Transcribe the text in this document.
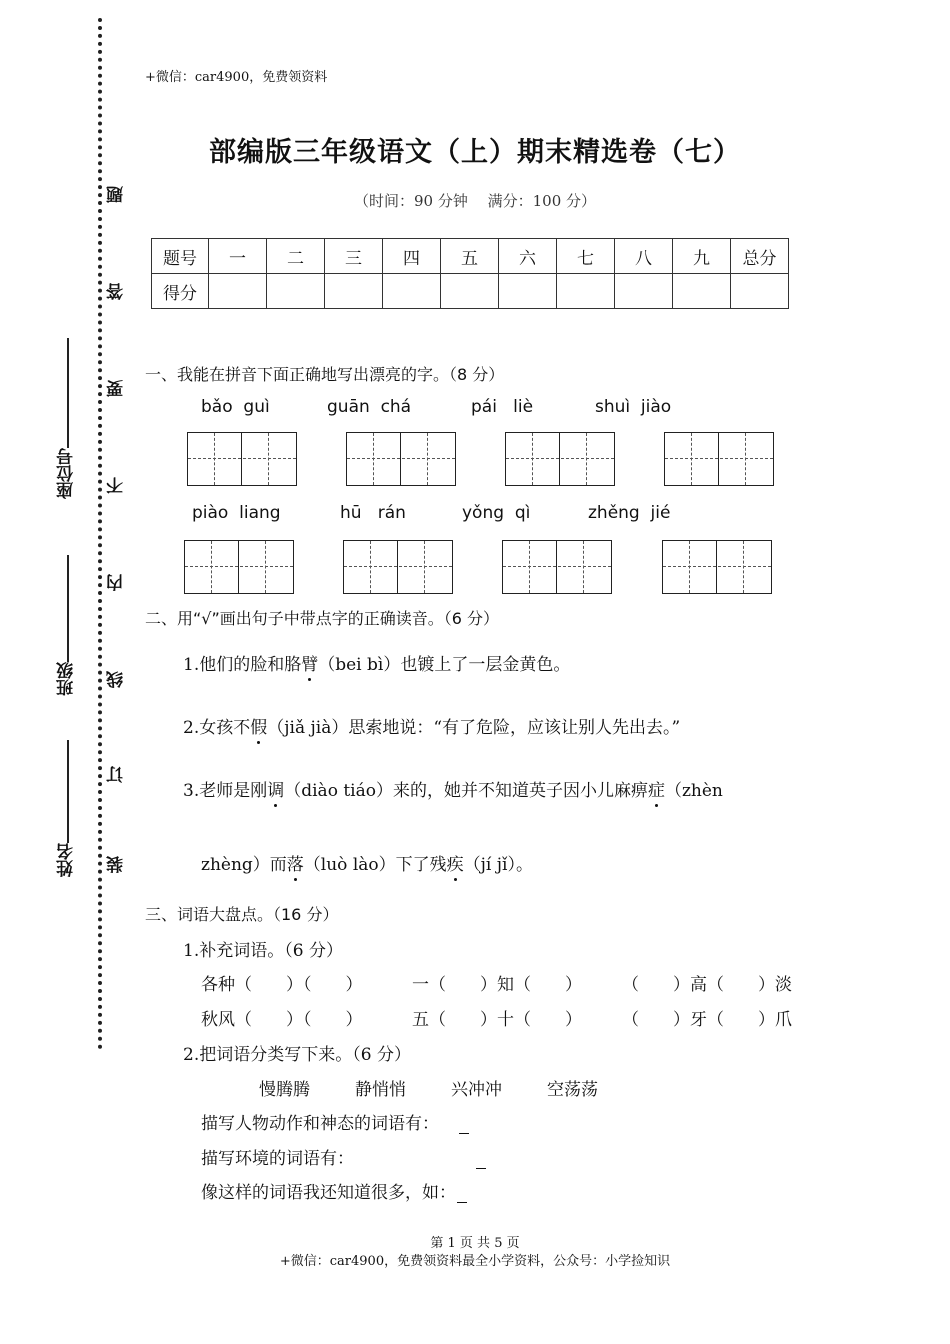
座位号
班级
姓名
题
答
要
不
内
线
订
装
+微信：car4900，免费领资料
部编版三年级语文（上）期末精选卷（七）
（时间：90 分钟　 满分：100 分）
题号	一	二	三	四	五	六	七	八	九	总分
得分										
一、我能在拼音下面正确地写出漂亮的字。（8 分）
bǎo  guì	guān  chá	pái   liè	shuì  jiào
piào  liang	hū   rán	yǒng  qì	zhěng  jié
二、用“√”画出句子中带点字的正确读音。（6 分）
1.他们的脸和胳臂（bei bì）也镀上了一层金黄色。
2.女孩不假（jiǎ jià）思索地说：“有了危险，应该让别人先出去。”
3.老师是刚调（diào tiáo）来的，她并不知道英子因小儿麻痹症（zhèn
zhèng）而落（luò lào）下了残疾（jí jǐ）。
三、词语大盘点。（16 分）
1.补充词语。（6 分）
各种（　　）（　　）	一（　　）知（　　） （　　）高（　　）淡
秋风（　　）（　　）	五（　　）十（　　） （　　）牙（　　）爪
2.把词语分类写下来。（6 分）
慢腾腾	静悄悄	兴冲冲	空荡荡
描写人物动作和神态的词语有：
描写环境的词语有：
像这样的词语我还知道很多，如：
第 1 页 共 5 页
+微信：car4900，免费领资料最全小学资料，公众号：小学捡知识
